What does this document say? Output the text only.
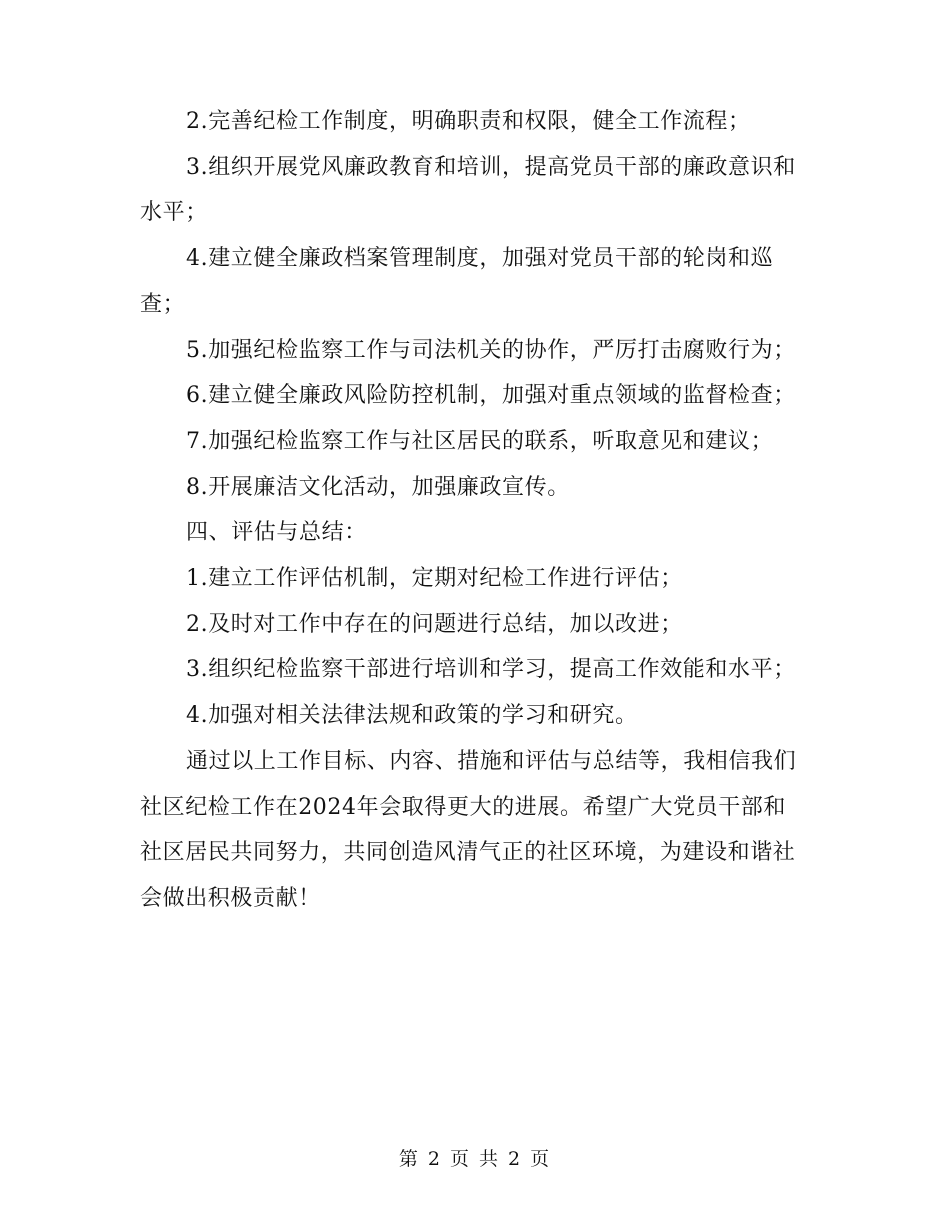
2.完善纪检工作制度，明确职责和权限，健全工作流程；

3.组织开展党风廉政教育和培训，提高党员干部的廉政意识和水平；

4.建立健全廉政档案管理制度，加强对党员干部的轮岗和巡查；

5.加强纪检监察工作与司法机关的协作，严厉打击腐败行为；

6.建立健全廉政风险防控机制，加强对重点领域的监督检查；

7.加强纪检监察工作与社区居民的联系，听取意见和建议；

8.开展廉洁文化活动，加强廉政宣传。

四、评估与总结：

1.建立工作评估机制，定期对纪检工作进行评估；

2.及时对工作中存在的问题进行总结，加以改进；

3.组织纪检监察干部进行培训和学习，提高工作效能和水平；

4.加强对相关法律法规和政策的学习和研究。

通过以上工作目标、内容、措施和评估与总结等，我相信我们社区纪检工作在2024年会取得更大的进展。希望广大党员干部和社区居民共同努力，共同创造风清气正的社区环境，为建设和谐社会做出积极贡献！

第 2 页 共 2 页
